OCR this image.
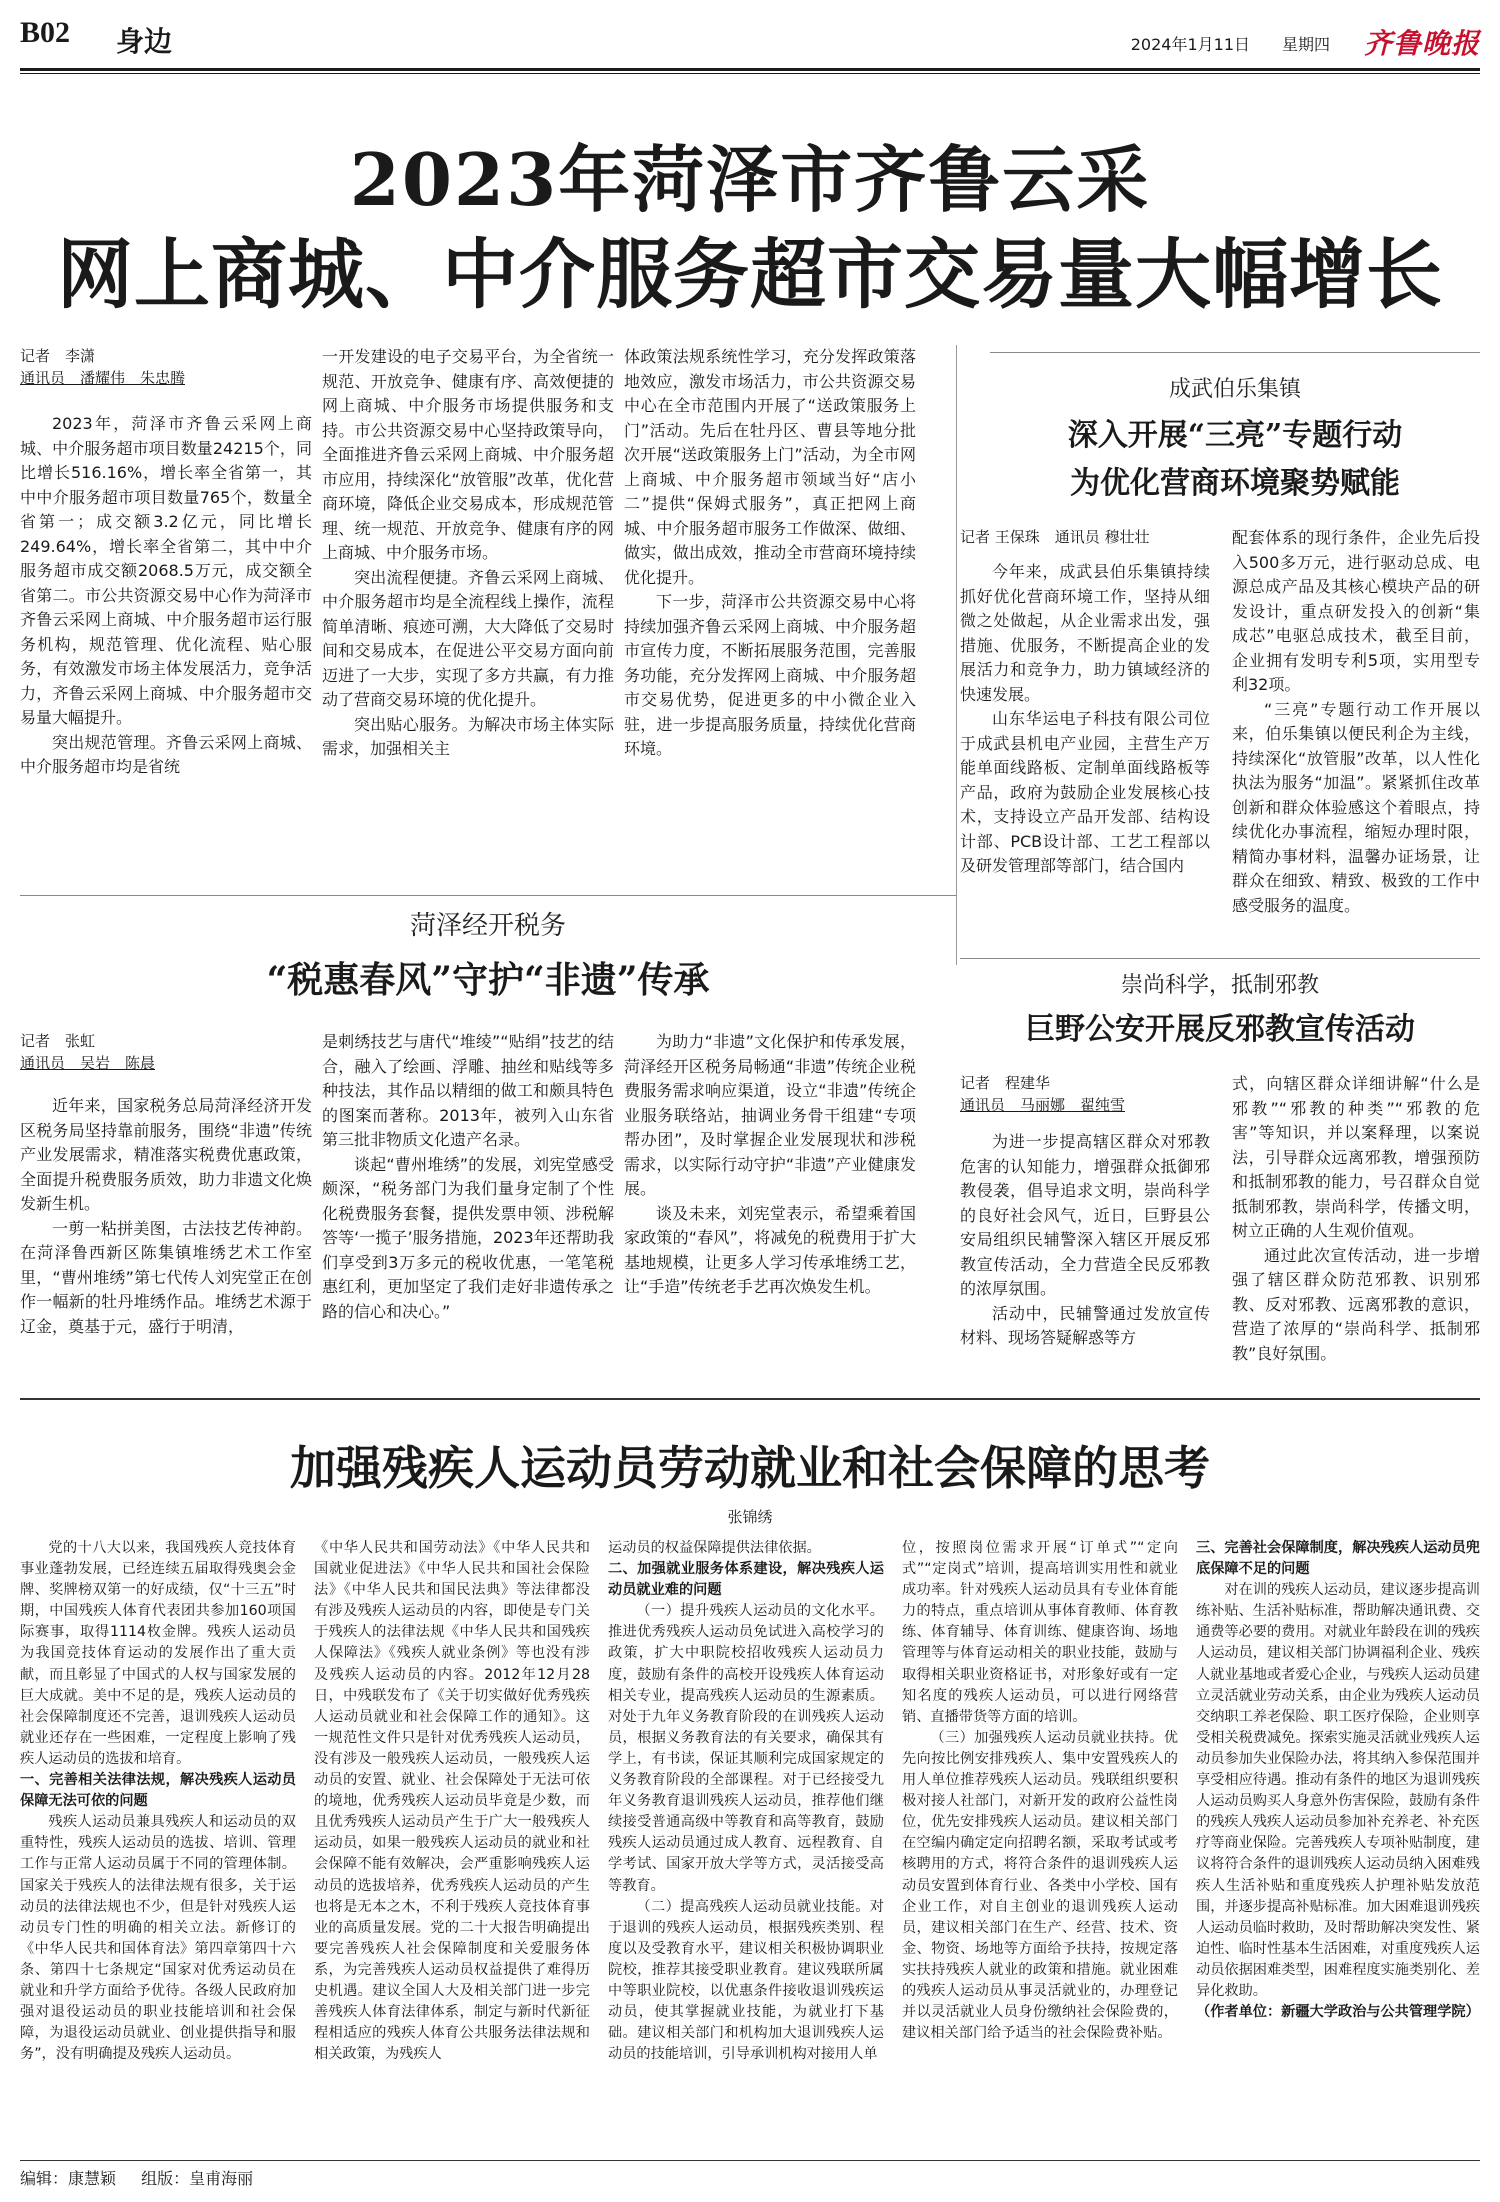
B02 身边	2024年1月11日 星期四 齐鲁晚报
2023年菏泽市齐鲁云采
网上商城、中介服务超市交易量大幅增长
记者　李潇
通讯员　潘耀伟　朱忠腾

2023年，菏泽市齐鲁云采网上商城、中介服务超市项目数量24215个，同比增长516.16%，增长率全省第一，其中中介服务超市项目数量765个，数量全省第一；成交额3.2亿元，同比增长249.64%，增长率全省第二，其中中介服务超市成交额2068.5万元，成交额全省第二。市公共资源交易中心作为菏泽市齐鲁云采网上商城、中介服务超市运行服务机构，规范管理、优化流程、贴心服务，有效激发市场主体发展活力，竞争活力，齐鲁云采网上商城、中介服务超市交易量大幅提升。

突出规范管理。齐鲁云采网上商城、中介服务超市均是省统

一开发建设的电子交易平台，为全省统一规范、开放竞争、健康有序、高效便捷的网上商城、中介服务市场提供服务和支持。市公共资源交易中心坚持政策导向，全面推进齐鲁云采网上商城、中介服务超市应用，持续深化“放管服”改革，优化营商环境，降低企业交易成本，形成规范管理、统一规范、开放竞争、健康有序的网上商城、中介服务市场。

突出流程便捷。齐鲁云采网上商城、中介服务超市均是全流程线上操作，流程简单清晰、痕迹可溯，大大降低了交易时间和交易成本，在促进公平交易方面向前迈进了一大步，实现了多方共赢，有力推动了营商交易环境的优化提升。

突出贴心服务。为解决市场主体实际需求，加强相关主

体政策法规系统性学习，充分发挥政策落地效应，激发市场活力，市公共资源交易中心在全市范围内开展了“送政策服务上门”活动。先后在牡丹区、曹县等地分批次开展“送政策服务上门”活动，为全市网上商城、中介服务超市领域当好“店小二”提供“保姆式服务”，真正把网上商城、中介服务超市服务工作做深、做细、做实，做出成效，推动全市营商环境持续优化提升。

下一步，菏泽市公共资源交易中心将持续加强齐鲁云采网上商城、中介服务超市宣传力度，不断拓展服务范围，完善服务功能，充分发挥网上商城、中介服务超市交易优势，促进更多的中小微企业入驻，进一步提高服务质量，持续优化营商环境。

成武伯乐集镇
深入开展“三亮”专题行动
为优化营商环境聚势赋能
记者 王保珠　通讯员 穆壮壮

今年来，成武县伯乐集镇持续抓好优化营商环境工作，坚持从细微之处做起，从企业需求出发，强措施、优服务，不断提高企业的发展活力和竞争力，助力镇域经济的快速发展。

山东华运电子科技有限公司位于成武县机电产业园，主营生产万能单面线路板、定制单面线路板等产品，政府为鼓励企业发展核心技术，支持设立产品开发部、结构设计部、PCB设计部、工艺工程部以及研发管理部等部门，结合国内

配套体系的现行条件，企业先后投入500多万元，进行驱动总成、电源总成产品及其核心模块产品的研发设计，重点研发投入的创新“集成芯”电驱总成技术，截至目前，企业拥有发明专利5项，实用型专利32项。

“三亮”专题行动工作开展以来，伯乐集镇以便民利企为主线，持续深化“放管服”改革，以人性化执法为服务“加温”。紧紧抓住改革创新和群众体验感这个着眼点，持续优化办事流程，缩短办理时限，精简办事材料，温馨办证场景，让群众在细致、精致、极致的工作中感受服务的温度。

菏泽经开税务
“税惠春风”守护“非遗”传承
记者　张虹
通讯员　吴岩　陈晨

近年来，国家税务总局菏泽经济开发区税务局坚持靠前服务，围绕“非遗”传统产业发展需求，精准落实税费优惠政策，全面提升税费服务质效，助力非遗文化焕发新生机。

一剪一粘拼美图，古法技艺传神韵。在菏泽鲁西新区陈集镇堆绣艺术工作室里，“曹州堆绣”第七代传人刘宪堂正在创作一幅新的牡丹堆绣作品。堆绣艺术源于辽金，奠基于元，盛行于明清，

是刺绣技艺与唐代“堆绫”“贴绢”技艺的结合，融入了绘画、浮雕、抽丝和贴线等多种技法，其作品以精细的做工和颇具特色的图案而著称。2013年，被列入山东省第三批非物质文化遗产名录。

谈起“曹州堆绣”的发展，刘宪堂感受颇深，“税务部门为我们量身定制了个性化税费服务套餐，提供发票申领、涉税解答等‘一揽子’服务措施，2023年还帮助我们享受到3万多元的税收优惠，一笔笔税惠红利，更加坚定了我们走好非遗传承之路的信心和决心。”

为助力“非遗”文化保护和传承发展，菏泽经开区税务局畅通“非遗”传统企业税费服务需求响应渠道，设立“非遗”传统企业服务联络站，抽调业务骨干组建“专项帮办团”，及时掌握企业发展现状和涉税需求，以实际行动守护“非遗”产业健康发展。

谈及未来，刘宪堂表示，希望乘着国家政策的“春风”，将减免的税费用于扩大基地规模，让更多人学习传承堆绣工艺，让“手造”传统老手艺再次焕发生机。

崇尚科学，抵制邪教
巨野公安开展反邪教宣传活动
记者　程建华
通讯员　马丽娜　翟纯雪

为进一步提高辖区群众对邪教危害的认知能力，增强群众抵御邪教侵袭，倡导追求文明，崇尚科学的良好社会风气，近日，巨野县公安局组织民辅警深入辖区开展反邪教宣传活动，全力营造全民反邪教的浓厚氛围。

活动中，民辅警通过发放宣传材料、现场答疑解惑等方

式，向辖区群众详细讲解“什么是邪教”“邪教的种类”“邪教的危害”等知识，并以案释理，以案说法，引导群众远离邪教，增强预防和抵制邪教的能力，号召群众自觉抵制邪教，崇尚科学，传播文明，树立正确的人生观价值观。

通过此次宣传活动，进一步增强了辖区群众防范邪教、识别邪教、反对邪教、远离邪教的意识，营造了浓厚的“崇尚科学、抵制邪教”良好氛围。

加强残疾人运动员劳动就业和社会保障的思考
张锦绣

党的十八大以来，我国残疾人竞技体育事业蓬勃发展，已经连续五届取得残奥会金牌、奖牌榜双第一的好成绩，仅“十三五”时期，中国残疾人体育代表团共参加160项国际赛事，取得1114枚金牌。残疾人运动员为我国竞技体育运动的发展作出了重大贡献，而且彰显了中国式的人权与国家发展的巨大成就。美中不足的是，残疾人运动员的社会保障制度还不完善，退训残疾人运动员就业还存在一些困难，一定程度上影响了残疾人运动员的选拔和培育。

一、完善相关法律法规，解决残疾人运动员保障无法可依的问题

残疾人运动员兼具残疾人和运动员的双重特性，残疾人运动员的选拔、培训、管理工作与正常人运动员属于不同的管理体制。国家关于残疾人的法律法规有很多，关于运动员的法律法规也不少，但是针对残疾人运动员专门性的明确的相关立法。新修订的《中华人民共和国体育法》第四章第四十六条、第四十七条规定“国家对优秀运动员在就业和升学方面给予优待。各级人民政府加强对退役运动员的职业技能培训和社会保障，为退役运动员就业、创业提供指导和服务”，没有明确提及残疾人运动员。

《中华人民共和国劳动法》《中华人民共和国就业促进法》《中华人民共和国社会保险法》《中华人民共和国民法典》等法律都没有涉及残疾人运动员的内容，即使是专门关于残疾人的法律法规《中华人民共和国残疾人保障法》《残疾人就业条例》等也没有涉及残疾人运动员的内容。2012年12月28日，中残联发布了《关于切实做好优秀残疾人运动员就业和社会保障工作的通知》。这一规范性文件只是针对优秀残疾人运动员，没有涉及一般残疾人运动员，一般残疾人运动员的安置、就业、社会保障处于无法可依的境地，优秀残疾人运动员毕竟是少数，而且优秀残疾人运动员产生于广大一般残疾人运动员，如果一般残疾人运动员的就业和社会保障不能有效解决，会严重影响残疾人运动员的选拔培养，优秀残疾人运动员的产生也将是无本之木，不利于残疾人竞技体育事业的高质量发展。党的二十大报告明确提出要完善残疾人社会保障制度和关爱服务体系，为完善残疾人运动员权益提供了难得历史机遇。建议全国人大及相关部门进一步完善残疾人体育法律体系，制定与新时代新征程相适应的残疾人体育公共服务法律法规和相关政策，为残疾人

运动员的权益保障提供法律依据。

二、加强就业服务体系建设，解决残疾人运动员就业难的问题

（一）提升残疾人运动员的文化水平。推进优秀残疾人运动员免试进入高校学习的政策，扩大中职院校招收残疾人运动员力度，鼓励有条件的高校开设残疾人体育运动相关专业，提高残疾人运动员的生源素质。对处于九年义务教育阶段的在训残疾人运动员，根据义务教育法的有关要求，确保其有学上，有书读，保证其顺利完成国家规定的义务教育阶段的全部课程。对于已经接受九年义务教育退训残疾人运动员，推荐他们继续接受普通高级中等教育和高等教育，鼓励残疾人运动员通过成人教育、远程教育、自学考试、国家开放大学等方式，灵活接受高等教育。

（二）提高残疾人运动员就业技能。对于退训的残疾人运动员，根据残疾类别、程度以及受教育水平，建议相关积极协调职业院校，推荐其接受职业教育。建议残联所属中等职业院校，以优惠条件接收退训残疾运动员，使其掌握就业技能，为就业打下基础。建议相关部门和机构加大退训残疾人运动员的技能培训，引导承训机构对接用人单

位，按照岗位需求开展“订单式”“定向式”“定岗式”培训，提高培训实用性和就业成功率。针对残疾人运动员具有专业体育能力的特点，重点培训从事体育教师、体育教练、体育辅导、体育训练、健康咨询、场地管理等与体育运动相关的职业技能，鼓励与取得相关职业资格证书，对形象好或有一定知名度的残疾人运动员，可以进行网络营销、直播带货等方面的培训。

（三）加强残疾人运动员就业扶持。优先向按比例安排残疾人、集中安置残疾人的用人单位推荐残疾人运动员。残联组织要积极对接人社部门，对新开发的政府公益性岗位，优先安排残疾人运动员。建议相关部门在空编内确定定向招聘名额，采取考试或考核聘用的方式，将符合条件的退训残疾人运动员安置到体育行业、各类中小学校、国有企业工作，对自主创业的退训残疾人运动员，建议相关部门在生产、经营、技术、资金、物资、场地等方面给予扶持，按规定落实扶持残疾人就业的政策和措施。就业困难的残疾人运动员从事灵活就业的，办理登记并以灵活就业人员身份缴纳社会保险费的，建议相关部门给予适当的社会保险费补贴。

三、完善社会保障制度，解决残疾人运动员兜底保障不足的问题

对在训的残疾人运动员，建议逐步提高训练补贴、生活补贴标准，帮助解决通讯费、交通费等必要的费用。对就业年龄段在训的残疾人运动员，建议相关部门协调福利企业、残疾人就业基地或者爱心企业，与残疾人运动员建立灵活就业劳动关系，由企业为残疾人运动员交纳职工养老保险、职工医疗保险，企业则享受相关税费减免。探索实施灵活就业残疾人运动员参加失业保险办法，将其纳入参保范围并享受相应待遇。推动有条件的地区为退训残疾人运动员购买人身意外伤害保险，鼓励有条件的残疾人残疾人运动员参加补充养老、补充医疗等商业保险。完善残疾人专项补贴制度，建议将符合条件的退训残疾人运动员纳入困难残疾人生活补贴和重度残疾人护理补贴发放范围，并逐步提高补贴标准。加大困难退训残疾人运动员临时救助，及时帮助解决突发性、紧迫性、临时性基本生活困难，对重度残疾人运动员依据困难类型，困难程度实施类别化、差异化救助。

（作者单位：新疆大学政治与公共管理学院）

编辑：康慧颖 组版：皇甫海丽
